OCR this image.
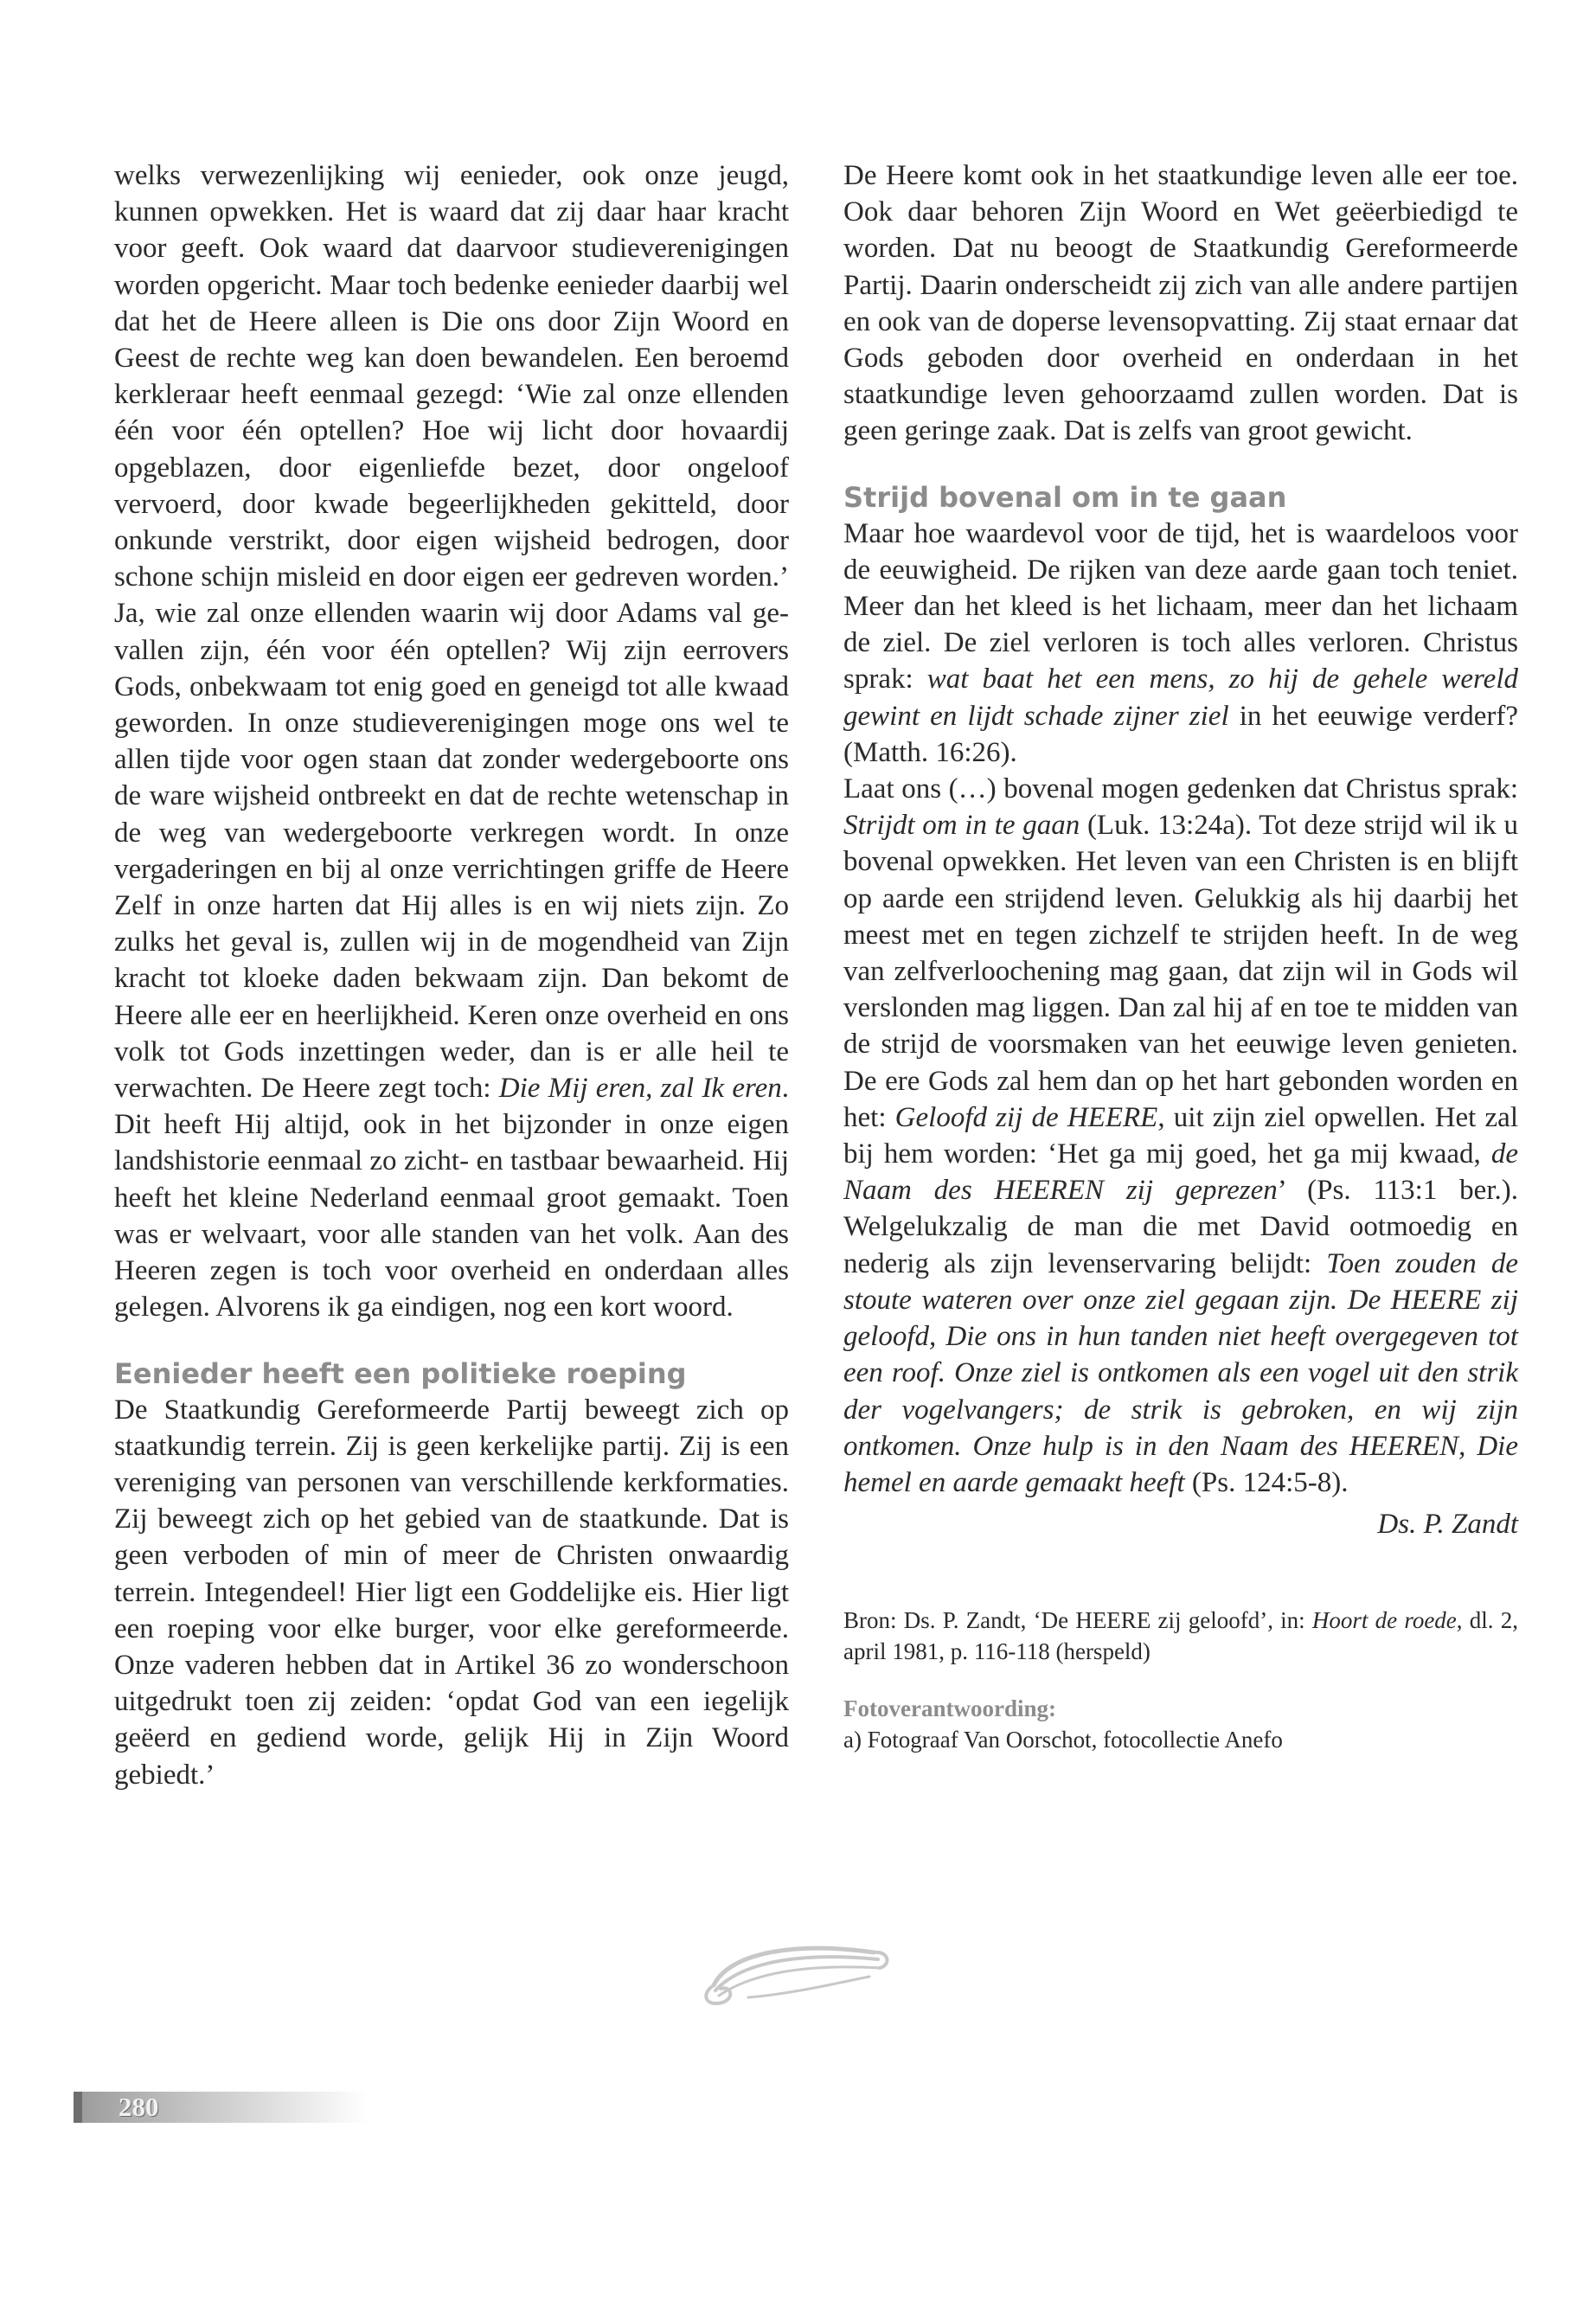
welks verwezenlijking wij eenieder, ook onze jeugd, kunnen opwekken. Het is waard dat zij daar haar kracht voor geeft. Ook waard dat daarvoor studieverenigingen worden opgericht. Maar toch bedenke eenieder daarbij wel dat het de Heere alleen is Die ons door Zijn Woord en Geest de rechte weg kan doen bewandelen. Een beroemd kerkleraar heeft eenmaal gezegd: ‘Wie zal onze ellenden één voor één optellen? Hoe wij licht door hovaardij opgeblazen, door eigenliefde bezet, door ongeloof vervoerd, door kwade begeerlijkheden gekitteld, door onkunde verstrikt, door eigen wijsheid bedrogen, door schone schijn misleid en door eigen eer gedreven worden.’ Ja, wie zal onze ellenden waarin wij door Adams val gevallen zijn, één voor één optellen? Wij zijn eerrovers Gods, onbekwaam tot enig goed en geneigd tot alle kwaad geworden. In onze studieverenigingen moge ons wel te allen tijde voor ogen staan dat zonder wedergeboorte ons de ware wijsheid ontbreekt en dat de rechte wetenschap in de weg van wedergeboorte verkregen wordt. In onze vergaderingen en bij al onze verrichtingen griffe de Heere Zelf in onze harten dat Hij alles is en wij niets zijn. Zo zulks het geval is, zullen wij in de mogendheid van Zijn kracht tot kloeke daden bekwaam zijn. Dan bekomt de Heere alle eer en heerlijkheid. Keren onze overheid en ons volk tot Gods inzettingen weder, dan is er alle heil te verwachten. De Heere zegt toch: Die Mij eren, zal Ik eren. Dit heeft Hij altijd, ook in het bijzonder in onze eigen landshistorie eenmaal zo zicht- en tastbaar bewaarheid. Hij heeft het kleine Nederland eenmaal groot gemaakt. Toen was er welvaart, voor alle standen van het volk. Aan des Heeren zegen is toch voor overheid en onderdaan alles gelegen. Alvorens ik ga eindigen, nog een kort woord.

Eenieder heeft een politieke roeping

De Staatkundig Gereformeerde Partij beweegt zich op staatkundig terrein. Zij is geen kerkelijke partij. Zij is een vereniging van personen van verschillende kerkformaties. Zij beweegt zich op het gebied van de staatkunde. Dat is geen verboden of min of meer de Christen onwaardig terrein. Integendeel! Hier ligt een Goddelijke eis. Hier ligt een roeping voor elke burger, voor elke gereformeerde. Onze vaderen hebben dat in Artikel 36 zo wonderschoon uitgedrukt toen zij zeiden: ‘opdat God van een iegelijk geëerd en gediend worde, gelijk Hij in Zijn Woord gebiedt.’

De Heere komt ook in het staatkundige leven alle eer toe. Ook daar behoren Zijn Woord en Wet geëerbiedigd te worden. Dat nu beoogt de Staatkundig Gereformeerde Partij. Daarin onderscheidt zij zich van alle andere partijen en ook van de doperse levensopvatting. Zij staat ernaar dat Gods geboden door overheid en onderdaan in het staatkundige leven gehoorzaamd zullen worden. Dat is geen geringe zaak. Dat is zelfs van groot gewicht.

Strijd bovenal om in te gaan

Maar hoe waardevol voor de tijd, het is waardeloos voor de eeuwigheid. De rijken van deze aarde gaan toch teniet. Meer dan het kleed is het lichaam, meer dan het lichaam de ziel. De ziel verloren is toch alles verloren. Christus sprak: wat baat het een mens, zo hij de gehele wereld gewint en lijdt schade zijner ziel in het eeuwige verderf? (Matth. 16:26).

Laat ons (…) bovenal mogen gedenken dat Christus sprak: Strijdt om in te gaan (Luk. 13:24a). Tot deze strijd wil ik u bovenal opwekken. Het leven van een Christen is en blijft op aarde een strijdend leven. Gelukkig als hij daarbij het meest met en tegen zichzelf te strijden heeft. In de weg van zelfverloochening mag gaan, dat zijn wil in Gods wil verslonden mag liggen. Dan zal hij af en toe te midden van de strijd de voorsmaken van het eeuwige leven genieten. De ere Gods zal hem dan op het hart gebonden worden en het: Geloofd zij de HEERE, uit zijn ziel opwellen. Het zal bij hem worden: ‘Het ga mij goed, het ga mij kwaad, de Naam des HEEREN zij geprezen’ (Ps. 113:1 ber.). Welgelukzalig de man die met David ootmoedig en nederig als zijn levenservaring belijdt: Toen zouden de stoute wateren over onze ziel gegaan zijn. De HEERE zij geloofd, Die ons in hun tanden niet heeft overgegeven tot een roof. Onze ziel is ontkomen als een vogel uit den strik der vogelvangers; de strik is gebroken, en wij zijn ontkomen. Onze hulp is in den Naam des HEEREN, Die hemel en aarde gemaakt heeft (Ps. 124:5-8).

Ds. P. Zandt
Bron: Ds. P. Zandt, ‘De HEERE zij geloofd’, in: Hoort de roede, dl. 2, april 1981, p. 116-118 (herspeld)
Fotoverantwoording:
a) Fotograaf Van Oorschot, fotocollectie Anefo
280
